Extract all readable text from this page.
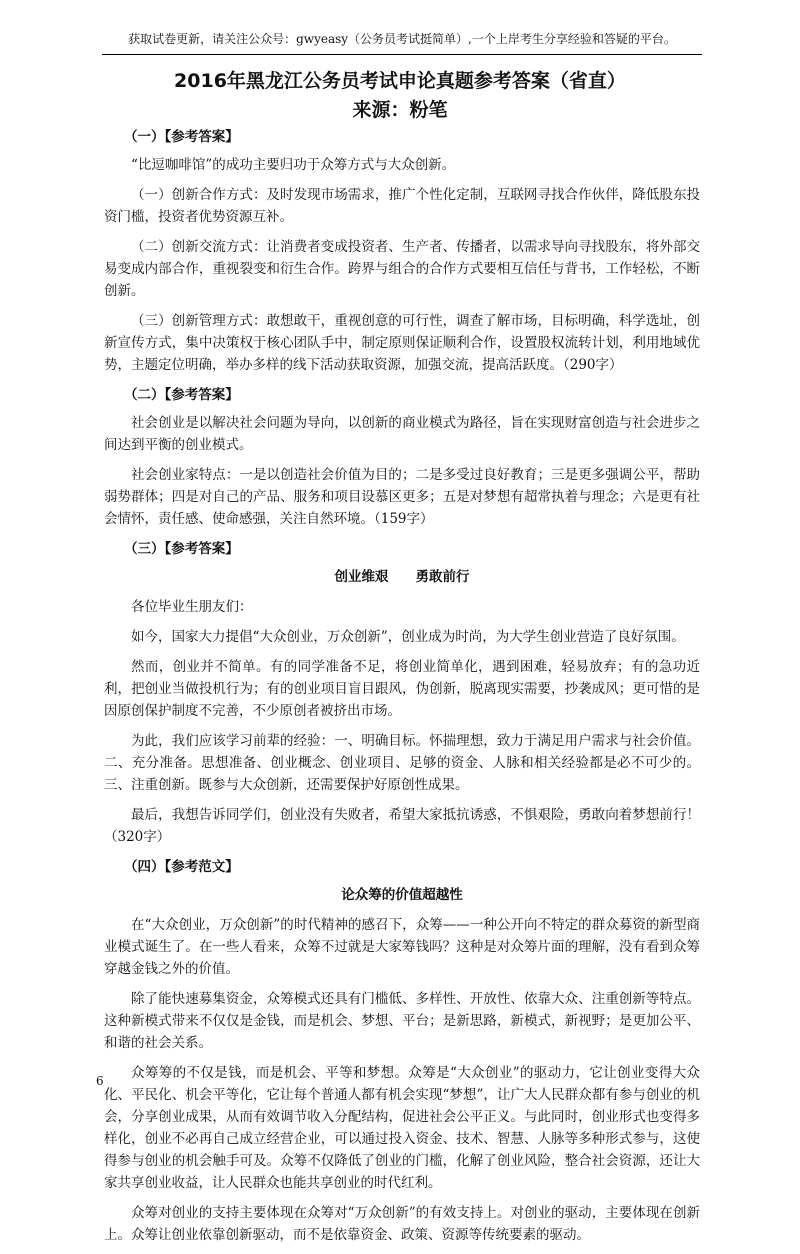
获取试卷更新，请关注公众号：gwyeasy（公务员考试挺简单）,一个上岸考生分享经验和答疑的平台。
2016年黑龙江公务员考试申论真题参考答案（省直）
来源：粉笔
（一）【参考答案】

“比逗咖啡馆”的成功主要归功于众筹方式与大众创新。

（一）创新合作方式：及时发现市场需求，推广个性化定制，互联网寻找合作伙伴，降低股东投资门槛，投资者优势资源互补。

（二）创新交流方式：让消费者变成投资者、生产者、传播者，以需求导向寻找股东，将外部交易变成内部合作，重视裂变和衍生合作。跨界与组合的合作方式要相互信任与背书，工作轻松，不断创新。

（三）创新管理方式：敢想敢干，重视创意的可行性，调查了解市场，目标明确，科学选址，创新宣传方式，集中决策权于核心团队手中，制定原则保证顺利合作，设置股权流转计划，利用地域优势，主题定位明确，举办多样的线下活动获取资源，加强交流，提高活跃度。（290字）

（二）【参考答案】

社会创业是以解决社会问题为导向，以创新的商业模式为路径，旨在实现财富创造与社会进步之间达到平衡的创业模式。

社会创业家特点：一是以创造社会价值为目的；二是多受过良好教育；三是更多强调公平，帮助弱势群体；四是对自己的产品、服务和项目设慕区更多；五是对梦想有超常执着与理念；六是更有社会情怀，责任感、使命感强，关注自然环境。（159字）

（三）【参考答案】
创业维艰　　勇敢前行

各位毕业生朋友们：

如今，国家大力提倡“大众创业，万众创新”，创业成为时尚，为大学生创业营造了良好氛围。

然而，创业并不简单。有的同学准备不足，将创业简单化，遇到困难，轻易放弃；有的急功近利，把创业当做投机行为；有的创业项目盲目跟风，伪创新，脱离现实需要，抄袭成风；更可惜的是因原创保护制度不完善，不少原创者被挤出市场。

为此，我们应该学习前辈的经验：一、明确目标。怀揣理想，致力于满足用户需求与社会价值。二、充分准备。思想准备、创业概念、创业项目、足够的资金、人脉和相关经验都是必不可少的。三、注重创新。既参与大众创新，还需要保护好原创性成果。

最后，我想告诉同学们，创业没有失败者，希望大家抵抗诱惑，不惧艰险，勇敢向着梦想前行！（320字）

（四）【参考范文】
论众筹的价值超越性

在“大众创业，万众创新”的时代精神的感召下，众筹——一种公开向不特定的群众募资的新型商业模式诞生了。在一些人看来，众筹不过就是大家筹钱吗？这种是对众筹片面的理解，没有看到众筹穿越金钱之外的价值。

除了能快速募集资金，众筹模式还具有门槛低、多样性、开放性、依靠大众、注重创新等特点。这种新模式带来不仅仅是金钱，而是机会、梦想、平台；是新思路，新模式，新视野；是更加公平、和谐的社会关系。

众筹筹的不仅是钱，而是机会、平等和梦想。众筹是“大众创业”的驱动力，它让创业变得大众化、平民化、机会平等化，它让每个普通人都有机会实现“梦想”，让广大人民群众都有参与创业的机会，分享创业成果，从而有效调节收入分配结构，促进社会公平正义。与此同时，创业形式也变得多样化，创业不必再自己成立经营企业，可以通过投入资金、技术、智慧、人脉等多种形式参与，这使得参与创业的机会触手可及。众筹不仅降低了创业的门槛，化解了创业风险，整合社会资源，还让大家共享创业收益，让人民群众也能共享创业的时代红利。

众筹对创业的支持主要体现在众筹对“万众创新”的有效支持上。对创业的驱动，主要体现在创新上。众筹让创业依靠创新驱动，而不是依靠资金、政策、资源等传统要素的驱动。

6
